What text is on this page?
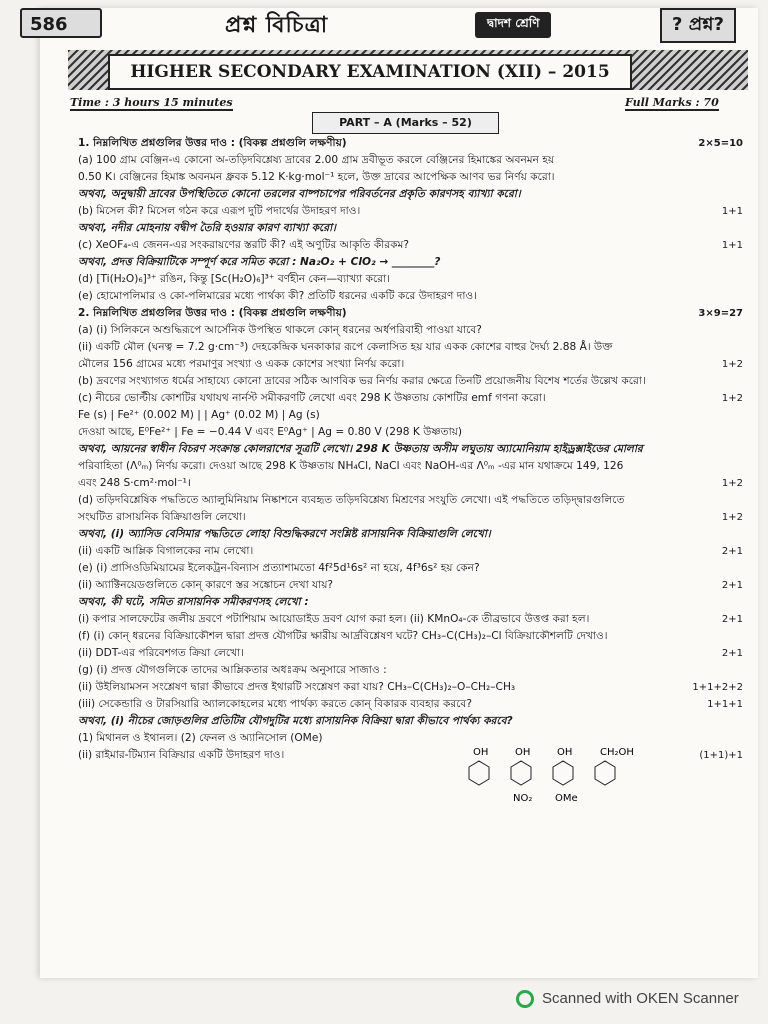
586	প্রশ্ন বিচিত্রা	দ্বাদশ শ্রেণি	? প্রশ্ন?
HIGHER SECONDARY EXAMINATION (XII) – 2015
Time : 3 hours 15 minutes	Full Marks : 70
PART – A (Marks – 52)
1. নিম্নলিখিত প্রশ্নগুলির উত্তর দাও : (বিকল্প প্রশ্নগুলি লক্ষণীয়)	2×5=10
(a) 100 গ্রাম বেঞ্জিন-এ কোনো অ-তড়িদবিশ্লেষ্য দ্রাবের 2.00 গ্রাম দ্রবীভূত করলে বেঞ্জিনের হিমাঙ্কের অবনমন হয়
0.50 K। বেঞ্জিনের হিমাঙ্ক অবনমন ধ্রুবক 5.12 K·kg·mol⁻¹ হলে, উক্ত দ্রাবের আপেক্ষিক আণব ভর নির্ণয় করো।
অথবা, অনুদ্বায়ী দ্রাবের উপস্থিতিতে কোনো তরলের বাষ্পচাপের পরিবর্তনের প্রকৃতি কারণসহ ব্যাখ্যা করো।
(b) মিসেল কী? মিসেল গঠন করে এরূপ দুটি পদার্থের উদাহরণ দাও।	1+1
অথবা, নদীর মোহনায় বদ্বীপ তৈরি হওয়ার কারণ ব্যাখ্যা করো।
(c) XeOF₄-এ জেনন-এর সংকরায়ণের স্তরটি কী? এই অণুটির আকৃতি কীরকম?	1+1
অথবা, প্রদত্ত বিক্রিয়াটিকে সম্পূর্ণ করে সমিত করো : Na₂O₂ + ClO₂ → ________?
(d) [Ti(H₂O)₆]³⁺ রঙিন, কিন্তু [Sc(H₂O)₆]³⁺ বর্ণহীন কেন—ব্যাখ্যা করো।
(e) হোমোপলিমার ও কো-পলিমারের মধ্যে পার্থক্য কী? প্রতিটি ধরনের একটি করে উদাহরণ দাও।
2. নিম্নলিখিত প্রশ্নগুলির উত্তর দাও : (বিকল্প প্রশ্নগুলি লক্ষণীয়)	3×9=27
(a) (i) সিলিকনে অশুদ্ধিরূপে আর্সেনিক উপস্থিত থাকলে কোন্ ধরনের অর্ধপরিবাহী পাওয়া যাবে?
(ii) একটি মৌল (ঘনত্ব = 7.2 g·cm⁻³) দেহকেন্দ্রিক ঘনকাকার রূপে কেলাসিত হয় যার একক কোশের বাহুর দৈর্ঘ্য 2.88 Å। উক্ত
মৌলের 156 গ্রামের মধ্যে পরমাণুর সংখ্যা ও একক কোশের সংখ্যা নির্ণয় করো।	1+2
(b) দ্রবণের সংখ্যাগত ধর্মের সাহায্যে কোনো দ্রাবের সঠিক আণবিক ভর নির্ণয় করার ক্ষেত্রে তিনটি প্রয়োজনীয় বিশেষ শর্তের উল্লেখ করো।
(c) নীচের ভোল্টীয় কোশটির যথাযথ নার্নস্ট সমীকরণটি লেখো এবং 298 K উষ্ণতায় কোশটির emf গণনা করো।	1+2
Fe (s) | Fe²⁺ (0.002 M) | | Ag⁺ (0.02 M) | Ag (s)
দেওয়া আছে, E⁰Fe²⁺ | Fe = −0.44 V এবং E⁰Ag⁺ | Ag = 0.80 V (298 K উষ্ণতায়)
অথবা, আয়নের স্বাধীন বিচরণ সংক্রান্ত কোলরাশের সূত্রটি লেখো। 298 K উষ্ণতায় অসীম লঘুতায় অ্যামোনিয়াম হাইড্রক্সাইডের মোলার
পরিবাহিতা (Λ⁰ₘ) নির্ণয় করো। দেওয়া আছে 298 K উষ্ণতায় NH₄Cl, NaCl এবং NaOH-এর Λ⁰ₘ -এর মান যথাক্রমে 149, 126
এবং 248 S·cm²·mol⁻¹।	1+2
(d) তড়িদবিশ্লেষিক পদ্ধতিতে অ্যালুমিনিয়াম নিষ্কাশনে ব্যবহৃত তড়িদবিশ্লেষ্য মিশ্রণের সংযুতি লেখো। এই পদ্ধতিতে তড়িদ্দ্বারগুলিতে
সংঘটিত রাসায়নিক বিক্রিয়াগুলি লেখো।	1+2
অথবা, (i) অ্যাসিড বেসিমার পদ্ধতিতে লোহা বিশুদ্ধিকরণে সংশ্লিষ্ট রাসায়নিক বিক্রিয়াগুলি লেখো।
(ii) একটি আম্লিক বিগালকের নাম লেখো।	2+1
(e) (i) প্রাসিওডিমিয়ামের ইলেকট্রন-বিন্যাস প্রত্যাশামতো 4f²5d¹6s² না হয়ে, 4f³6s² হয় কেন?
(ii) অ্যাক্টিনয়েডগুলিতে কোন্ কারণে স্তর সঙ্কোচন দেখা যায়?	2+1
অথবা, কী ঘটে, সমিত রাসায়নিক সমীকরণসহ লেখো :
(i) কপার সালফেটের জলীয় দ্রবণে পটাশিয়াম আয়োডাইড দ্রবণ যোগ করা হল। (ii) KMnO₄-কে তীব্রভাবে উত্তপ্ত করা হল।	2+1
(f) (i) কোন্ ধরনের বিক্রিয়াকৌশল দ্বারা প্রদত্ত যৌগটির ক্ষারীয় আর্দ্রবিশ্লেষণ ঘটে? CH₃–C(CH₃)₂–Cl বিক্রিয়াকৌশলটি দেখাও।
(ii) DDT-এর পরিবেশগত ক্রিয়া লেখো।	2+1
(g) (i) প্রদত্ত যৌগগুলিকে তাদের আম্লিকতার অধঃক্রম অনুসারে সাজাও :
(ii) উইলিয়ামসন সংশ্লেষণ দ্বারা কীভাবে প্রদত্ত ইথারটি সংশ্লেষণ করা যায়? CH₃–C(CH₃)₂–O–CH₂–CH₃	1+1+2+2
(iii) সেকেন্ডারি ও টারসিয়ারি অ্যালকোহলের মধ্যে পার্থক্য করতে কোন্ বিকারক ব্যবহার করবে?	1+1+1
অথবা, (i) নীচের জোড়গুলির প্রতিটির যৌগদুটির মধ্যে রাসায়নিক বিক্রিয়া দ্বারা কীভাবে পার্থক্য করবে?
(1) মিথানল ও ইথানল। (2) ফেনল ও অ্যানিসোল (OMe)
(ii) রাইমার-টিম্যান বিক্রিয়ার একটি উদাহরণ দাও।	(1+1)+1
OH	OH	OH	CH₂OH
NO₂ OMe
Scanned with OKEN Scanner
